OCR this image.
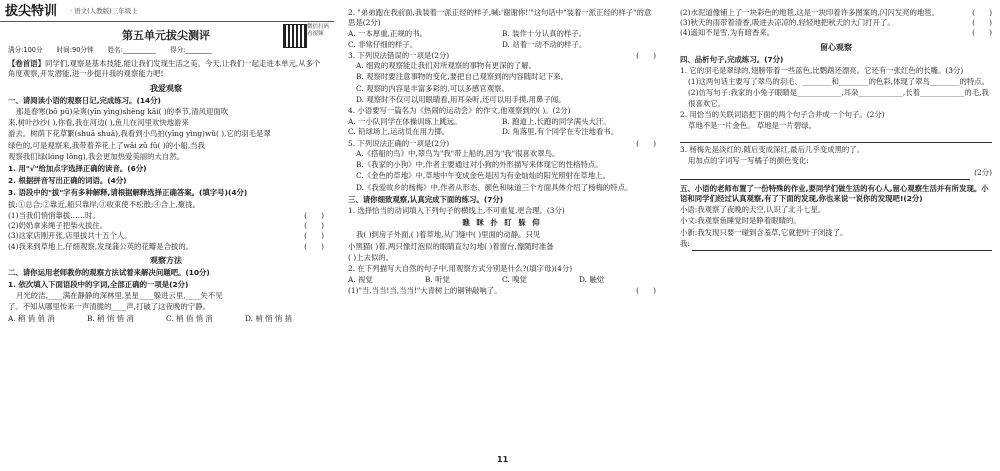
拔尖特训 · 语文(人教版)三年级上
微信扫码 看视频
第五单元拔尖测评
满分:100分 时间:90分钟 姓名:__________ 得分:________
【卷首语】同学们,观察是基本技能,能让我们发现生活之美。今天,让我们一起走进本单元,从多个角度观察,开发潜能,进一步提升我的观察能力吧!
我爱观察
一、请阅读小语的观察日记,完成练习。(14分)
那是春寒(bō pū)朵爽(yīn yìng)shèng kāi( )的季节,清风迎面吹
来,树叶沙沙( ),你看,我在河边( ),鱼儿在河里欢快地游来
游去。树荫下花草繁(shuā shuǎ),我看到小鸟拍(yǐng yìng)wǔ( ),它的羽毛是翠
绿色的,可是观察来,我带着养花上了wǎi zǔ fǔ( )的小船,当我
观察我们绿(lóng lǒng),我会更加热爱美丽的大自然。
1. 用"√"给加点字选择正确的读音。(6分)
2. 根据拼音写出正确的词语。(4分)
3. 语段中的"拔"字有多种解释,请根据解释选择正确答案。(填字号)(4分)
拔:①总合;②靠近,船只靠岸;③收束使不松散;④合上,聚拢。
(1)当我们悄悄靠拔……时。	(      )
(2)奶奶拿来绳子把柴火拔住。	(      )
(3)这家店刚开张,店里拔共十五个人。	(      )
(4)我来到草地上,仔细观察,发现蒲公英的花瓣是合拔的。	(      )
观察方法
二、请你运用老师教你的观察方法试着来解决问题吧。(10分)
1. 依次填入下面语段中的字词,全部正确的一项是(2分)
月光皎洁,____满在静静的深林里,星星____躲进云里,____失不见
了。不知从哪里传来一声清脆的____声,打破了这夜晚的宁静。
A. 稍 俏 俏 消	B. 稍 悄 悄 消	C. 梢 俏 悄 消	D. 梢 悄 悄 捎
2. "弟弟跑在我前面,我装着一派正经的样子,喊:'谢谢你!'"这句话中"装着一派正经的样子"的意思是(2分)
A. 一本厚重,正规的书。	B. 装作十分认真的样子。
C. 非常仔细的样子。	D. 站着一动不动的样子。
3. 下列说法错误的一项是(2分)	(      )
A. 细致的观察能让我们对所观察的事物有更深的了解。
B. 观察时要注意事物的变化,要把自己观察到的内容随时记下来。
C. 观察的内容是丰富多彩的,可以多感官观察。
D. 观察时不仅可以用眼睛看,用耳朵听,还可以用手摸,用鼻子闻。
4. 小语要写一篇名为《热闹的运动会》的作文,他观察到的( )。(2分)
A. 一小队同学在体操训练上跳远。	B. 跑道上,长跑的同学满头大汗。
C. 铅球场上,运动员在用力掷。	D. 角落里,有个同学在专注地看书。
5. 下列说法正确的一项是(2分)	(      )
A.《搭船的鸟》中,翠鸟为"我"带上船的,因为"我"很喜欢翠鸟。
B.《我家的小狗》中,作者主要通过对小狗的外形描写来体现它的性格特点。
C.《金色的草地》中,草地中午变成金色是因为有金灿灿的阳光照射在草地上。
D.《我爱故乡的杨梅》中,作者从形态、颜色和味道三个方面具体介绍了杨梅的特点。
三、请你细致观察,认真完成下面的练习。(7分)
1. 选择恰当的动词填入下列句子的横线上,不可重复,更合理。(3分)
瞧 眯 扑 盯 躲 仰
我( )到房子外面,( )着草地,从门缝中( )里面的动静。只见
小黑猫( )着,两只像灯泡似的眼睛直勾勾地( )着窗台,像随时准备
( )上去似的。
2. 在下列描写大自然的句子中,用观察方式分别是什么?(填字母)(4分)
A. 视觉	B. 听觉	C. 嗅觉	D. 触觉
(1)"当,当当!当,当当!"大青树上的铜钟敲响了。	(      )
11
(2)水泥道像铺上了一块彩色的地毯,这是一块印着许多图案的,闪闪发亮的地毯。	(      )
(3)秋天的雨带着清香,吸进去凉凉的,轻轻地把秋天的大门打开了。	(      )
(4)遥知不是雪,为有暗香来。	(      )
留心观察
四、品析句子,完成练习。(7分)
1. 它的羽毛是翠绿的,翅膀带着一些蓝色,比鹦鹉还漂亮。它还有一张红色的长嘴。(3分)
(1)这两句话主要写了翠鸟的羽毛、________和________的色彩,体现了翠鸟________的特点。
(2)仿写句子:我家的小兔子眼睛是____________,耳朵____________,长着____________的毛,我很喜欢它。
2. 用恰当的关联词语把下面的两个句子合并成一个句子。(2分)
草地不是一片金色。 草地是一片碧绿。
3. 杨梅先是淡红的,随后变成深红,最后几乎变成黑的了。
用加点的字词写一写橘子的颜色变化:
(2分)
五、小语的老师布置了一份特殊的作业,要同学们做生活的有心人,留心观察生活并有所发现。小语和同学们经过认真观察,有了下面的发现,你也来说一说你的发现吧!(2分)
小语:我观察了夜晚的天空,认识了北斗七星。
小文:我观察鱼睡觉时是睁着眼睛的。
小新:我发现只要一碰到含羞草,它就把叶子闭拢了。
我:
